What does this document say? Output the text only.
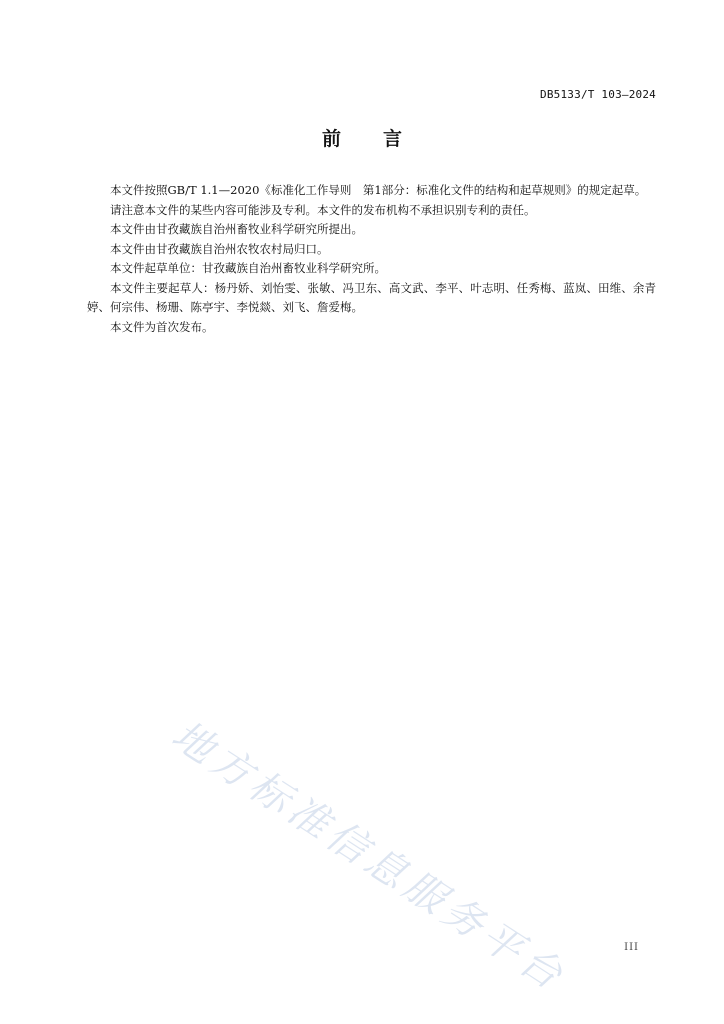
DB5133/T 103—2024
前 言

本文件按照GB/T 1.1—2020《标准化工作导则　第1部分：标准化文件的结构和起草规则》的规定起草。

请注意本文件的某些内容可能涉及专利。本文件的发布机构不承担识别专利的责任。

本文件由甘孜藏族自治州畜牧业科学研究所提出。

本文件由甘孜藏族自治州农牧农村局归口。

本文件起草单位：甘孜藏族自治州畜牧业科学研究所。

本文件主要起草人：杨丹娇、刘怡雯、张敏、冯卫东、高文武、李平、叶志明、任秀梅、蓝岚、田维、余青婷、何宗伟、杨珊、陈亭宇、李悦燚、刘飞、詹爱梅。

本文件为首次发布。

地方标准信息服务平台	III
